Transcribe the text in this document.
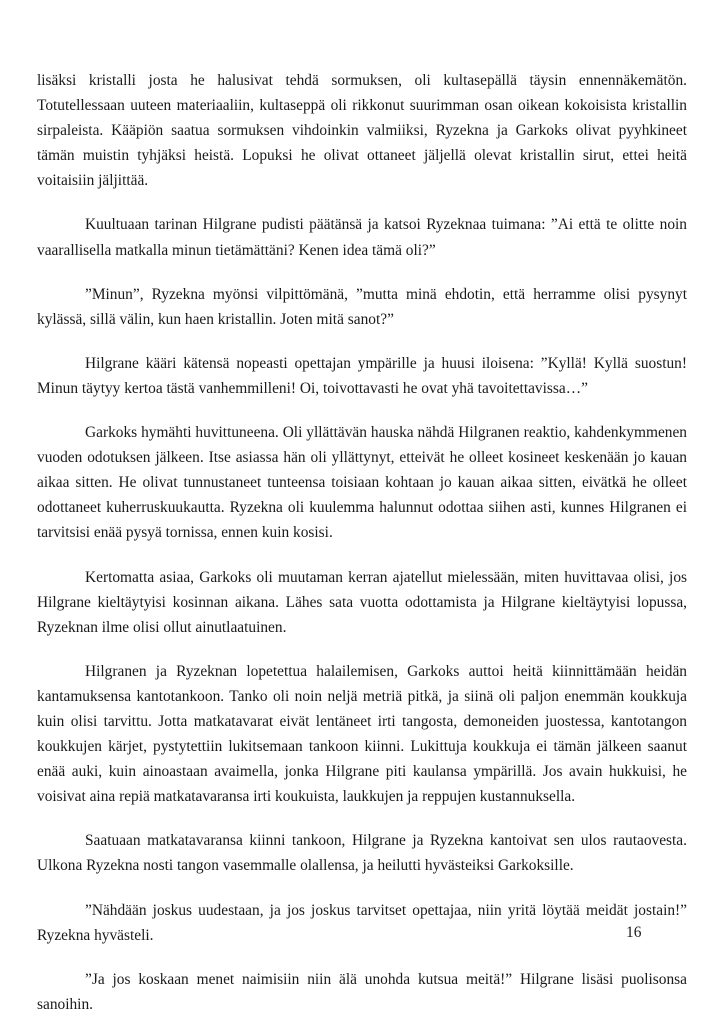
lisäksi kristalli josta he halusivat tehdä sormuksen, oli kultasepällä täysin ennennäkemätön. Totutellessaan uuteen materiaaliin, kultaseppä oli rikkonut suurimman osan oikean kokoisista kristallin sirpaleista. Kääpiön saatua sormuksen vihdoinkin valmiiksi, Ryzekna ja Garkoks olivat pyyhkineet tämän muistin tyhjäksi heistä. Lopuksi he olivat ottaneet jäljellä olevat kristallin sirut, ettei heitä voitaisiin jäljittää.

Kuultuaan tarinan Hilgrane pudisti päätänsä ja katsoi Ryzeknaa tuimana: ”Ai että te olitte noin vaarallisella matkalla minun tietämättäni? Kenen idea tämä oli?”

”Minun”, Ryzekna myönsi vilpittömänä, ”mutta minä ehdotin, että herramme olisi pysynyt kylässä, sillä välin, kun haen kristallin. Joten mitä sanot?”

Hilgrane kääri kätensä nopeasti opettajan ympärille ja huusi iloisena: ”Kyllä! Kyllä suostun! Minun täytyy kertoa tästä vanhemmilleni! Oi, toivottavasti he ovat yhä tavoitettavissa…”

Garkoks hymähti huvittuneena. Oli yllättävän hauska nähdä Hilgranen reaktio, kahdenkymmenen vuoden odotuksen jälkeen. Itse asiassa hän oli yllättynyt, etteivät he olleet kosineet keskenään jo kauan aikaa sitten. He olivat tunnustaneet tunteensa toisiaan kohtaan jo kauan aikaa sitten, eivätkä he olleet odottaneet kuherruskuukautta. Ryzekna oli kuulemma halunnut odottaa siihen asti, kunnes Hilgranen ei tarvitsisi enää pysyä tornissa, ennen kuin kosisi.

Kertomatta asiaa, Garkoks oli muutaman kerran ajatellut mielessään, miten huvittavaa olisi, jos Hilgrane kieltäytyisi kosinnan aikana. Lähes sata vuotta odottamista ja Hilgrane kieltäytyisi lopussa, Ryzeknan ilme olisi ollut ainutlaatuinen.

Hilgranen ja Ryzeknan lopetettua halailemisen, Garkoks auttoi heitä kiinnittämään heidän kantamuksensa kantotankoon. Tanko oli noin neljä metriä pitkä, ja siinä oli paljon enemmän koukkuja kuin olisi tarvittu. Jotta matkatavarat eivät lentäneet irti tangosta, demoneiden juostessa, kantotangon koukkujen kärjet, pystytettiin lukitsemaan tankoon kiinni. Lukittuja koukkuja ei tämän jälkeen saanut enää auki, kuin ainoastaan avaimella, jonka Hilgrane piti kaulansa ympärillä. Jos avain hukkuisi, he voisivat aina repiä matkatavaransa irti koukuista, laukkujen ja reppujen kustannuksella.

Saatuaan matkatavaransa kiinni tankoon, Hilgrane ja Ryzekna kantoivat sen ulos rautaovesta. Ulkona Ryzekna nosti tangon vasemmalle olallensa, ja heilutti hyvästeiksi Garkoksille.

”Nähdään joskus uudestaan, ja jos joskus tarvitset opettajaa, niin yritä löytää meidät jostain!” Ryzekna hyvästeli.

”Ja jos koskaan menet naimisiin niin älä unohda kutsua meitä!” Hilgrane lisäsi puolisonsa sanoihin.

16
